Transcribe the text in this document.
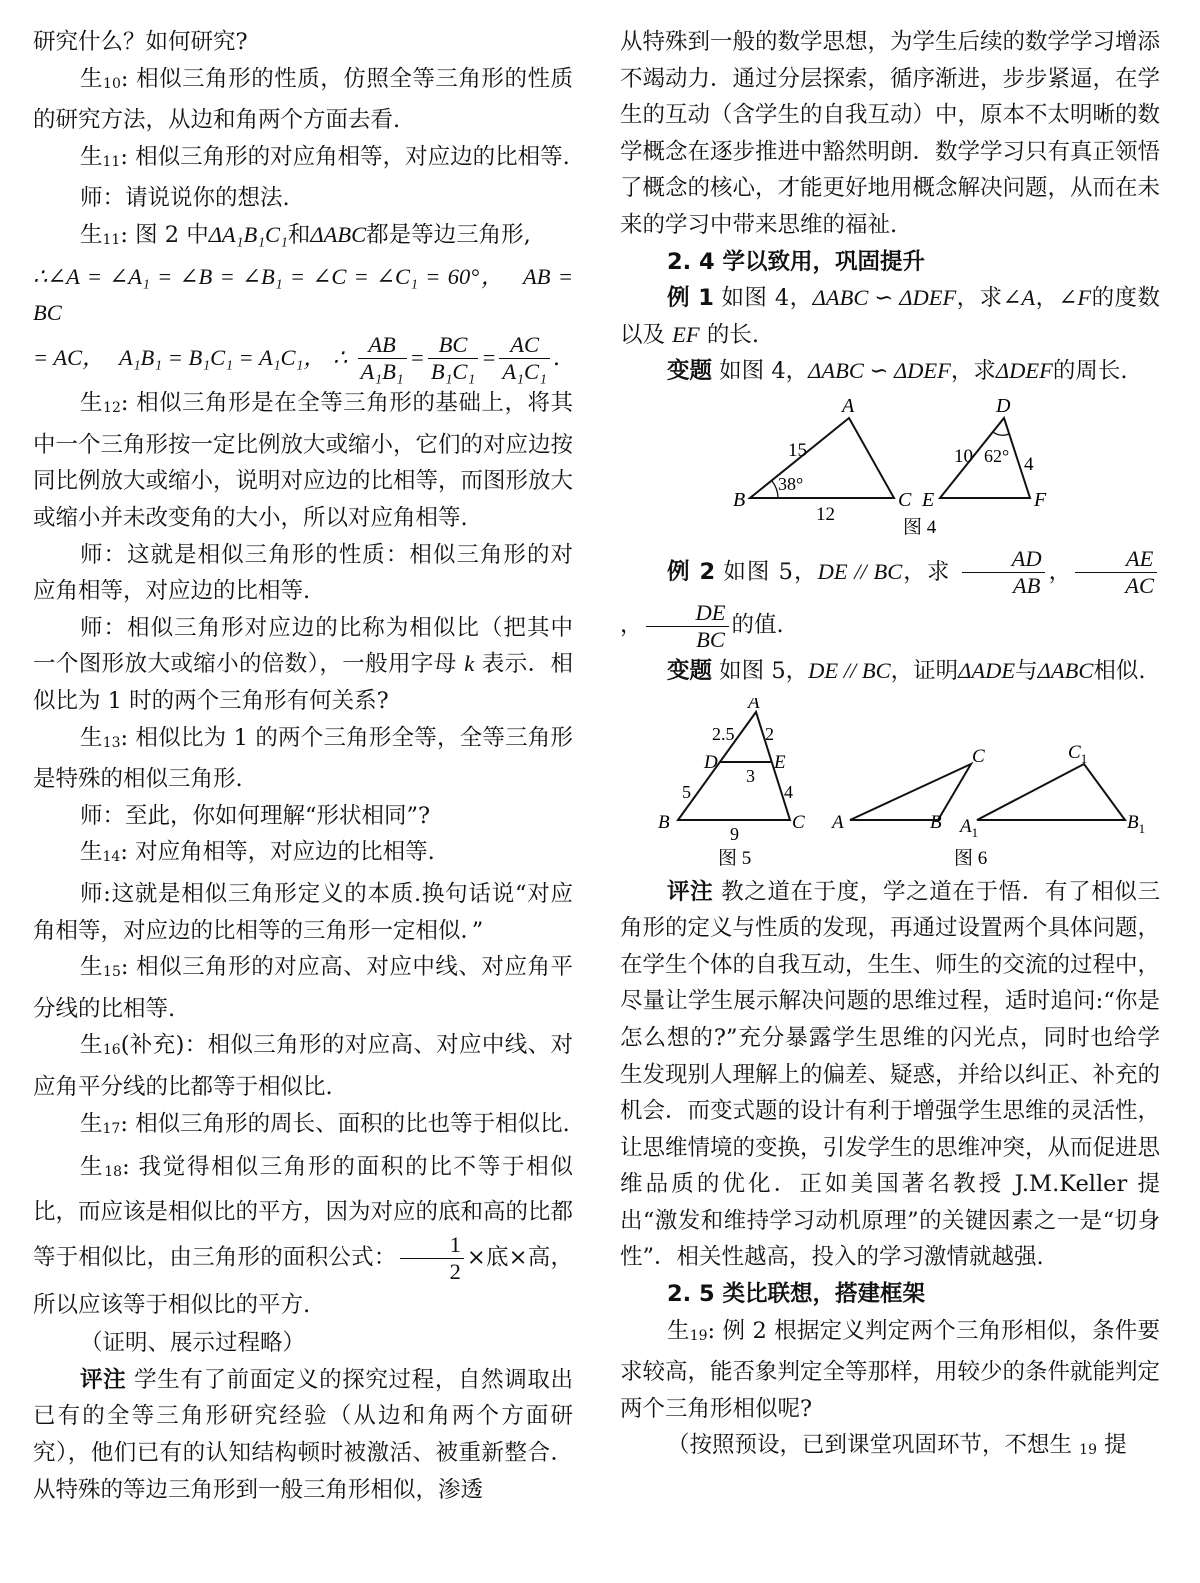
研究什么？如何研究?

生$_{10}$: 相似三角形的性质，仿照全等三角形的性质的研究方法，从边和角两个方面去看.

生$_{11}$: 相似三角形的对应角相等，对应边的比相等.

师：请说说你的想法.

生$_{11}$: 图 2 中ΔA₁B₁C₁和ΔABC都是等边三角形,

∴∠A = ∠A₁ = ∠B = ∠B₁ = ∠C = ∠C₁ = 60°， AB = BC

= AC， A₁B₁ = B₁C₁ = A₁C₁， ∴ $\frac{AB}{\text{A₁B₁}} = \frac{BC}{\text{B₁C₁}} = \frac{AC}{\text{A₁C₁}}$ .

生$_{12}$: 相似三角形是在全等三角形的基础上，将其中一个三角形按一定比例放大或缩小，它们的对应边按同比例放大或缩小，说明对应边的比相等，而图形放大或缩小并未改变角的大小，所以对应角相等.

师：这就是相似三角形的性质：相似三角形的对应角相等，对应边的比相等.

师：相似三角形对应边的比称为相似比（把其中一个图形放大或缩小的倍数），一般用字母 k 表示．相似比为 1 时的两个三角形有何关系?

生$_{13}$: 相似比为 1 的两个三角形全等，全等三角形是特殊的相似三角形.

师：至此，你如何理解“形状相同”?

生$_{14}$: 对应角相等，对应边的比相等.

师:这就是相似三角形定义的本质.换句话说“对应角相等，对应边的比相等的三角形一定相似．”

生$_{15}$: 相似三角形的对应高、对应中线、对应角平分线的比相等.

生$_{16}$(补充)：相似三角形的对应高、对应中线、对应角平分线的比都等于相似比.

生$_{17}$: 相似三角形的周长、面积的比也等于相似比.

生$_{18}$: 我觉得相似三角形的面积的比不等于相似比，而应该是相似比的平方，因为对应的底和高的比都等于相似比，由三角形的面积公式： $\frac{1}{2}$ ×底×高，所以应该等于相似比的平方.

（证明、展示过程略）

评注 学生有了前面定义的探究过程，自然调取出已有的全等三角形研究经验（从边和角两个方面研究），他们已有的认知结构顿时被激活、被重新整合．从特殊的等边三角形到一般三角形相似，渗透

从特殊到一般的数学思想，为学生后续的数学学习增添不竭动力．通过分层探索，循序渐进，步步紧逼，在学生的互动（含学生的自我互动）中，原本不太明晰的数学概念在逐步推进中豁然明朗．数学学习只有真正领悟了概念的核心，才能更好地用概念解决问题，从而在未来的学习中带来思维的福祉.

2. 4 学以致用，巩固提升

例 1 如图 4，ΔABC ∽ ΔDEF，求∠A，∠F的度数以及 EF 的长.

变题 如图 4，ΔABC ∽ ΔDEF，求ΔDEF的周长.

A
B	C
D
E	F
15
12
38°
10	4
62°
图 4

例 2 如图 5，DE // BC，求 $\frac{AD}{AB}$ ， $\frac{AE}{AC}$
， $\frac{DE}{BC}$ 的值.

变题 如图 5，DE // BC，证明ΔADE与ΔABC相似.

A
B	C
D	E
2.5 2
3
5	4
9
图 5
A	B
C
$A_1$	$B_1$
$C_1$
图 6

评注 教之道在于度，学之道在于悟．有了相似三角形的定义与性质的发现，再通过设置两个具体问题，在学生个体的自我互动，生生、师生的交流的过程中，尽量让学生展示解决问题的思维过程，适时追问:“你是怎么想的?”充分暴露学生思维的闪光点，同时也给学生发现别人理解上的偏差、疑惑，并给以纠正、补充的机会．而变式题的设计有利于增强学生思维的灵活性，让思维情境的变换，引发学生的思维冲突，从而促进思维品质的优化．正如美国著名教授 J.M.Keller 提出“激发和维持学习动机原理”的关键因素之一是“切身性”．相关性越高，投入的学习激情就越强.

2. 5 类比联想，搭建框架

生$_{19}$: 例 2 根据定义判定两个三角形相似，条件要求较高，能否象判定全等那样，用较少的条件就能判定两个三角形相似呢?

（按照预设，已到课堂巩固环节，不想生 $_{19}$ 提
